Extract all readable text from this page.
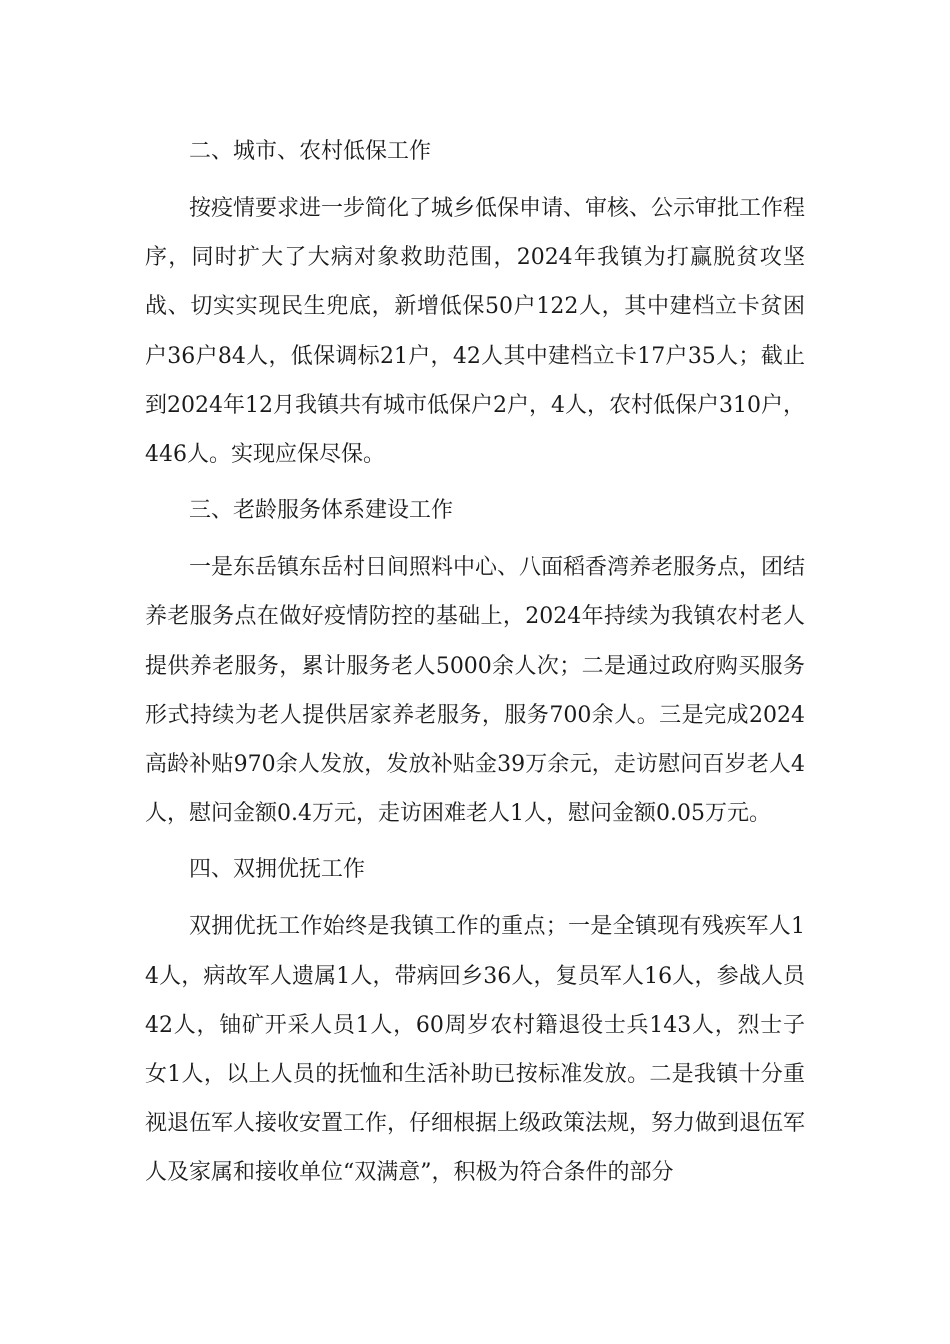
二、城市、农村低保工作

按疫情要求进一步简化了城乡低保申请、审核、公示审批工作程序，同时扩大了大病对象救助范围，2024年我镇为打赢脱贫攻坚战、切实实现民生兜底，新增低保50户122人，其中建档立卡贫困户36户84人，低保调标21户，42人其中建档立卡17户35人；截止到2024年12月我镇共有城市低保户2户，4人，农村低保户310户，446人。实现应保尽保。

三、老龄服务体系建设工作

一是东岳镇东岳村日间照料中心、八面稻香湾养老服务点，团结养老服务点在做好疫情防控的基础上，2024年持续为我镇农村老人提供养老服务，累计服务老人5000余人次；二是通过政府购买服务形式持续为老人提供居家养老服务，服务700余人。三是完成2024高龄补贴970余人发放，发放补贴金39万余元，走访慰问百岁老人4人，慰问金额0.4万元，走访困难老人1人，慰问金额0.05万元。

四、双拥优抚工作

双拥优抚工作始终是我镇工作的重点；一是全镇现有残疾军人14人，病故军人遗属1人，带病回乡36人，复员军人16人，参战人员42人，铀矿开采人员1人，60周岁农村籍退役士兵143人，烈士子女1人，以上人员的抚恤和生活补助已按标准发放。二是我镇十分重视退伍军人接收安置工作，仔细根据上级政策法规，努力做到退伍军人及家属和接收单位“双满意”，积极为符合条件的部分
